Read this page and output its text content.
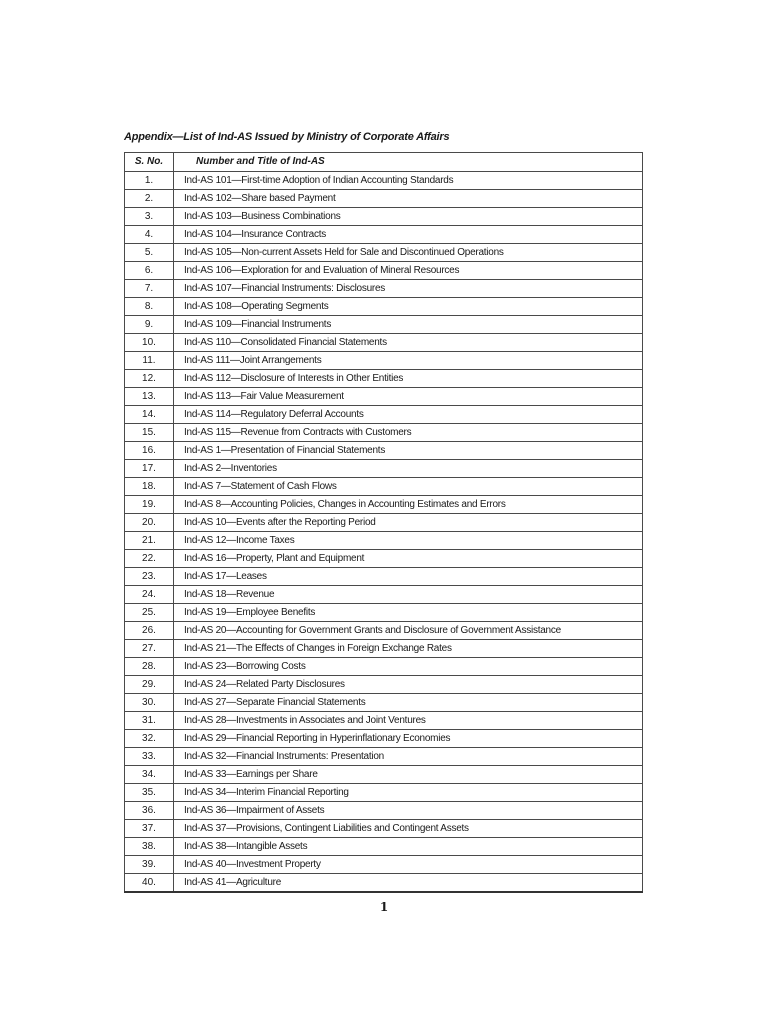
Appendix—List of Ind-AS Issued by Ministry of Corporate Affairs
S. No.	Number and Title of Ind-AS
1.	Ind-AS 101—First-time Adoption of Indian Accounting Standards
2.	Ind-AS 102—Share based Payment
3.	Ind-AS 103—Business Combinations
4.	Ind-AS 104—Insurance Contracts
5.	Ind-AS 105—Non-current Assets Held for Sale and Discontinued Operations
6.	Ind-AS 106—Exploration for and Evaluation of Mineral Resources
7.	Ind-AS 107—Financial Instruments: Disclosures
8.	Ind-AS 108—Operating Segments
9.	Ind-AS 109—Financial Instruments
10.	Ind-AS 110—Consolidated Financial Statements
11.	Ind-AS 111—Joint Arrangements
12.	Ind-AS 112—Disclosure of Interests in Other Entities
13.	Ind-AS 113—Fair Value Measurement
14.	Ind-AS 114—Regulatory Deferral Accounts
15.	Ind-AS 115—Revenue from Contracts with Customers
16.	Ind-AS 1—Presentation of Financial Statements
17.	Ind-AS 2—Inventories
18.	Ind-AS 7—Statement of Cash Flows
19.	Ind-AS 8—Accounting Policies, Changes in Accounting Estimates and Errors
20.	Ind-AS 10—Events after the Reporting Period
21.	Ind-AS 12—Income Taxes
22.	Ind-AS 16—Property, Plant and Equipment
23.	Ind-AS 17—Leases
24.	Ind-AS 18—Revenue
25.	Ind-AS 19—Employee Benefits
26.	Ind-AS 20—Accounting for Government Grants and Disclosure of Government Assistance
27.	Ind-AS 21—The Effects of Changes in Foreign Exchange Rates
28.	Ind-AS 23—Borrowing Costs
29.	Ind-AS 24—Related Party Disclosures
30.	Ind-AS 27—Separate Financial Statements
31.	Ind-AS 28—Investments in Associates and Joint Ventures
32.	Ind-AS 29—Financial Reporting in Hyperinflationary Economies
33.	Ind-AS 32—Financial Instruments: Presentation
34.	Ind-AS 33—Earnings per Share
35.	Ind-AS 34—Interim Financial Reporting
36.	Ind-AS 36—Impairment of Assets
37.	Ind-AS 37—Provisions, Contingent Liabilities and Contingent Assets
38.	Ind-AS 38—Intangible Assets
39.	Ind-AS 40—Investment Property
40.	Ind-AS 41—Agriculture
1
